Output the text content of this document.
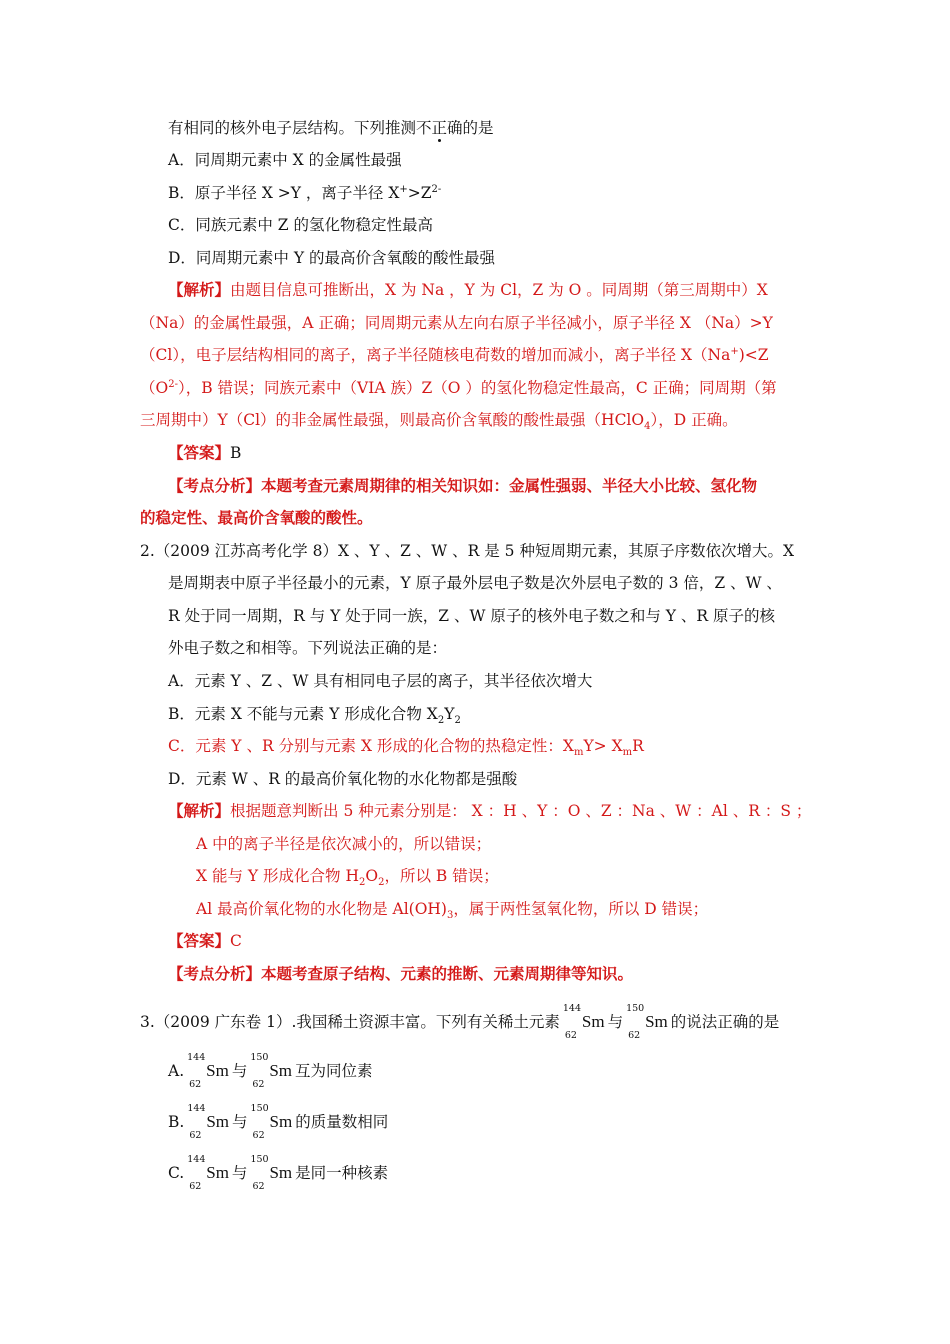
有相同的核外电子层结构。下列推测不正确的是
A．同周期元素中 X 的金属性最强
B．原子半径 X >Y ，离子半径 $X^+>Z^{2-}$
C．同族元素中 Z 的氢化物稳定性最高
D．同周期元素中 Y 的最高价含氧酸的酸性最强
【解析】由题目信息可推断出，X 为 Na ，Y 为 Cl，Z 为 O 。同周期（第三周期中）X
（Na）的金属性最强，A 正确；同周期元素从左向右原子半径减小，原子半径 X （Na）>Y
（Cl），电子层结构相同的离子，离子半径随核电荷数的增加而减小，离子半径 X（Na+)<Z
$(O^{2-})$，B 错误；同族元素中（VIA 族）Z（O ）的氢化物稳定性最高，C 正确；同周期（第
三周期中）Y（Cl）的非金属性最强，则最高价含氧酸的酸性最强（HClO$_4$），D 正确。
【答案】B
【考点分析】本题考查元素周期律的相关知识如：金属性强弱、半径大小比较、氢化物
的稳定性、最高价含氧酸的酸性。
2.（2009 江苏高考化学 8）X 、Y 、Z 、W 、R 是 5 种短周期元素，其原子序数依次增大。X
是周期表中原子半径最小的元素，Y 原子最外层电子数是次外层电子数的 3 倍，Z 、W 、
R 处于同一周期，R 与 Y 处于同一族，Z 、W 原子的核外电子数之和与 Y 、R 原子的核
外电子数之和相等。下列说法正确的是：
A．元素 Y 、Z 、W 具有相同电子层的离子，其半径依次增大
B．元素 X 不能与元素 Y 形成化合物 $X_2Y_2$
C．元素 Y 、R 分别与元素 X 形成的化合物的热稳定性：$X_mY> X_mR$
D．元素 W 、R 的最高价氧化物的水化物都是强酸
【解析】根据题意判断出 5 种元素分别是： X ：H 、Y ：O 、Z ：Na 、W ：Al 、R ：S ；
A 中的离子半径是依次减小的，所以错误；
X 能与 Y 形成化合物 $H_2O_2$，所以 B 错误；
Al 最高价氧化物的水化物是 $Al(OH)_3$，属于两性氢氧化物，所以 D 错误；
【答案】C
【考点分析】本题考查原子结构、元素的推断、元素周期律等知识。
3.（2009 广东卷 1）.我国稀土资源丰富。下列有关稀土元素
144
62
Sm 与
150
62
Sm 的说法正确的是
A.
144
62
Sm 与
150
62
Sm 互为同位素
B.
144
62
Sm 与
150
62
Sm 的质量数相同
C.
144
62
Sm 与
150
62
Sm 是同一种核素
